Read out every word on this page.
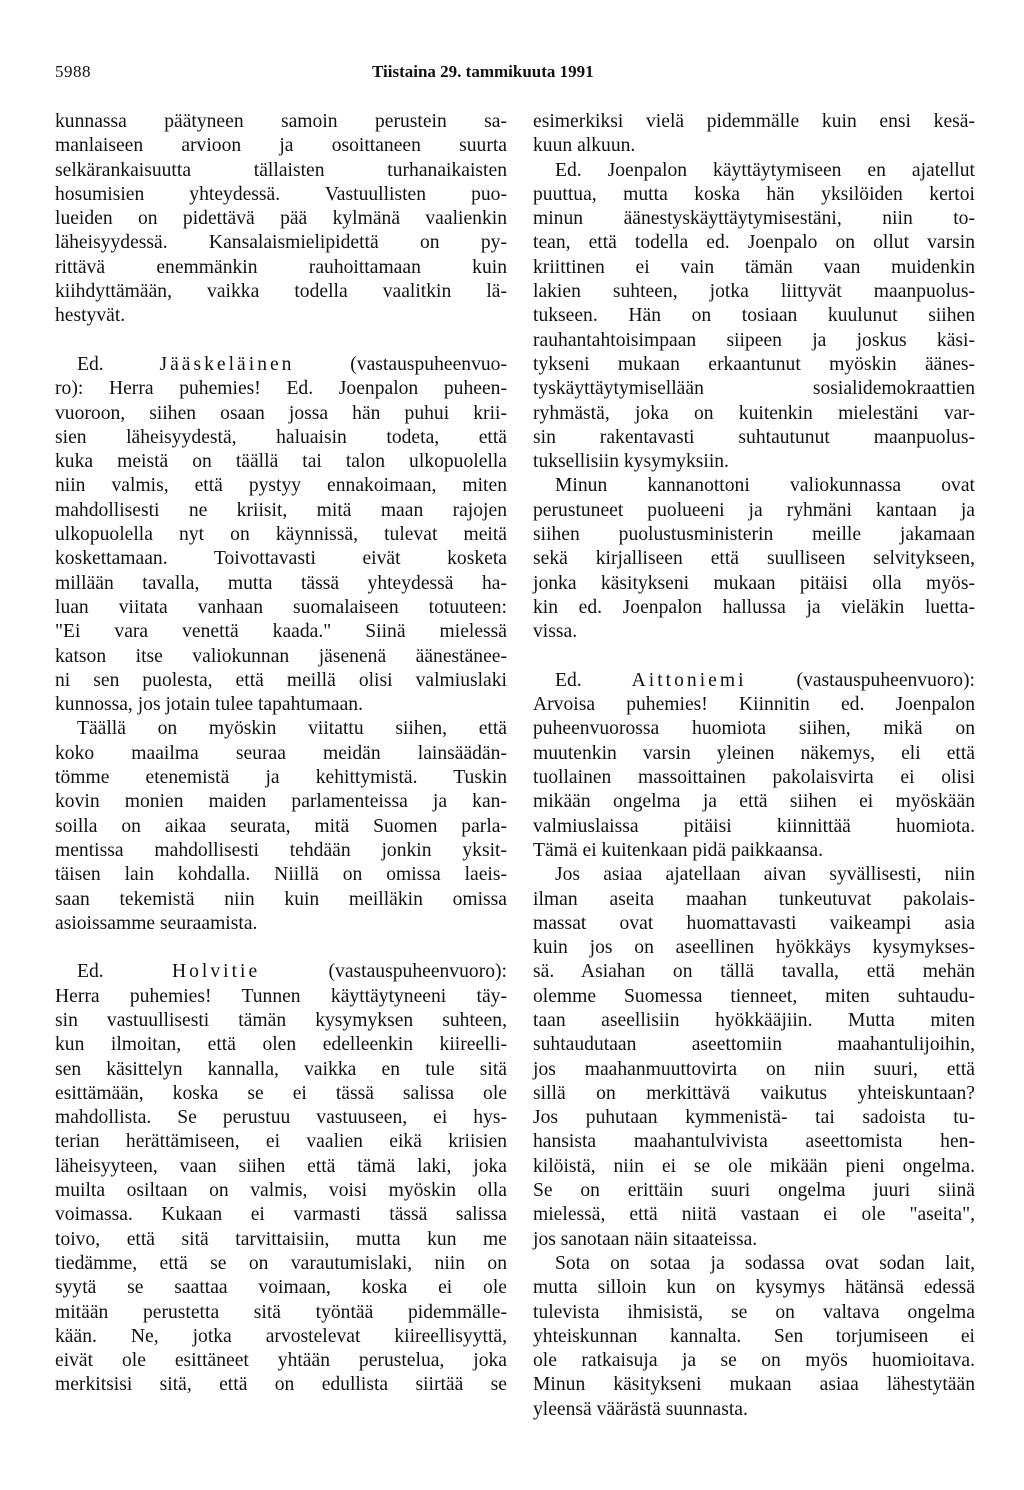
5988	Tiistaina 29. tammikuuta 1991
kunnassa päätyneen samoin perustein sa-
manlaiseen arvioon ja osoittaneen suurta
selkärankaisuutta tällaisten turhanaikaisten
hosumisien yhteydessä. Vastuullisten puo-
lueiden on pidettävä pää kylmänä vaalienkin
läheisyydessä. Kansalaismielipidettä on py-
rittävä enemmänkin rauhoittamaan kuin
kiihdyttämään, vaikka todella vaalitkin lä-
hestyvät.
Ed. Jääskeläinen (vastauspuheenvuo-
ro): Herra puhemies! Ed. Joenpalon puheen-
vuoroon, siihen osaan jossa hän puhui krii-
sien läheisyydestä, haluaisin todeta, että
kuka meistä on täällä tai talon ulkopuolella
niin valmis, että pystyy ennakoimaan, miten
mahdollisesti ne kriisit, mitä maan rajojen
ulkopuolella nyt on käynnissä, tulevat meitä
koskettamaan. Toivottavasti eivät kosketa
millään tavalla, mutta tässä yhteydessä ha-
luan viitata vanhaan suomalaiseen totuuteen:
"Ei vara venettä kaada." Siinä mielessä
katson itse valiokunnan jäsenenä äänestänee-
ni sen puolesta, että meillä olisi valmiuslaki
kunnossa, jos jotain tulee tapahtumaan.
Täällä on myöskin viitattu siihen, että
koko maailma seuraa meidän lainsäädän-
tömme etenemistä ja kehittymistä. Tuskin
kovin monien maiden parlamenteissa ja kan-
soilla on aikaa seurata, mitä Suomen parla-
mentissa mahdollisesti tehdään jonkin yksit-
täisen lain kohdalla. Niillä on omissa laeis-
saan tekemistä niin kuin meilläkin omissa
asioissamme seuraamista.
Ed. Holvitie (vastauspuheenvuoro):
Herra puhemies! Tunnen käyttäytyneeni täy-
sin vastuullisesti tämän kysymyksen suhteen,
kun ilmoitan, että olen edelleenkin kiireelli-
sen käsittelyn kannalla, vaikka en tule sitä
esittämään, koska se ei tässä salissa ole
mahdollista. Se perustuu vastuuseen, ei hys-
terian herättämiseen, ei vaalien eikä kriisien
läheisyyteen, vaan siihen että tämä laki, joka
muilta osiltaan on valmis, voisi myöskin olla
voimassa. Kukaan ei varmasti tässä salissa
toivo, että sitä tarvittaisiin, mutta kun me
tiedämme, että se on varautumislaki, niin on
syytä se saattaa voimaan, koska ei ole
mitään perustetta sitä työntää pidemmälle-
kään. Ne, jotka arvostelevat kiireellisyyttä,
eivät ole esittäneet yhtään perustelua, joka
merkitsisi sitä, että on edullista siirtää se
esimerkiksi vielä pidemmälle kuin ensi kesä-
kuun alkuun.
Ed. Joenpalon käyttäytymiseen en ajatellut
puuttua, mutta koska hän yksilöiden kertoi
minun äänestyskäyttäytymisestäni, niin to-
tean, että todella ed. Joenpalo on ollut varsin
kriittinen ei vain tämän vaan muidenkin
lakien suhteen, jotka liittyvät maanpuolus-
tukseen. Hän on tosiaan kuulunut siihen
rauhantahtoisimpaan siipeen ja joskus käsi-
tykseni mukaan erkaantunut myöskin äänes-
tyskäyttäytymisellään sosialidemokraattien
ryhmästä, joka on kuitenkin mielestäni var-
sin rakentavasti suhtautunut maanpuolus-
tuksellisiin kysymyksiin.
Minun kannanottoni valiokunnassa ovat
perustuneet puolueeni ja ryhmäni kantaan ja
siihen puolustusministerin meille jakamaan
sekä kirjalliseen että suulliseen selvitykseen,
jonka käsitykseni mukaan pitäisi olla myös-
kin ed. Joenpalon hallussa ja vieläkin luetta-
vissa.
Ed. Aittoniemi (vastauspuheenvuoro):
Arvoisa puhemies! Kiinnitin ed. Joenpalon
puheenvuorossa huomiota siihen, mikä on
muutenkin varsin yleinen näkemys, eli että
tuollainen massoittainen pakolaisvirta ei olisi
mikään ongelma ja että siihen ei myöskään
valmiuslaissa pitäisi kiinnittää huomiota.
Tämä ei kuitenkaan pidä paikkaansa.
Jos asiaa ajatellaan aivan syvällisesti, niin
ilman aseita maahan tunkeutuvat pakolais-
massat ovat huomattavasti vaikeampi asia
kuin jos on aseellinen hyökkäys kysymykses-
sä. Asiahan on tällä tavalla, että mehän
olemme Suomessa tienneet, miten suhtaudu-
taan aseellisiin hyökkääjiin. Mutta miten
suhtaudutaan aseettomiin maahantulijoihin,
jos maahanmuuttovirta on niin suuri, että
sillä on merkittävä vaikutus yhteiskuntaan?
Jos puhutaan kymmenistä- tai sadoista tu-
hansista maahantulvivista aseettomista hen-
kilöistä, niin ei se ole mikään pieni ongelma.
Se on erittäin suuri ongelma juuri siinä
mielessä, että niitä vastaan ei ole "aseita",
jos sanotaan näin sitaateissa.
Sota on sotaa ja sodassa ovat sodan lait,
mutta silloin kun on kysymys hätänsä edessä
tulevista ihmisistä, se on valtava ongelma
yhteiskunnan kannalta. Sen torjumiseen ei
ole ratkaisuja ja se on myös huomioitava.
Minun käsitykseni mukaan asiaa lähestytään
yleensä väärästä suunnasta.
